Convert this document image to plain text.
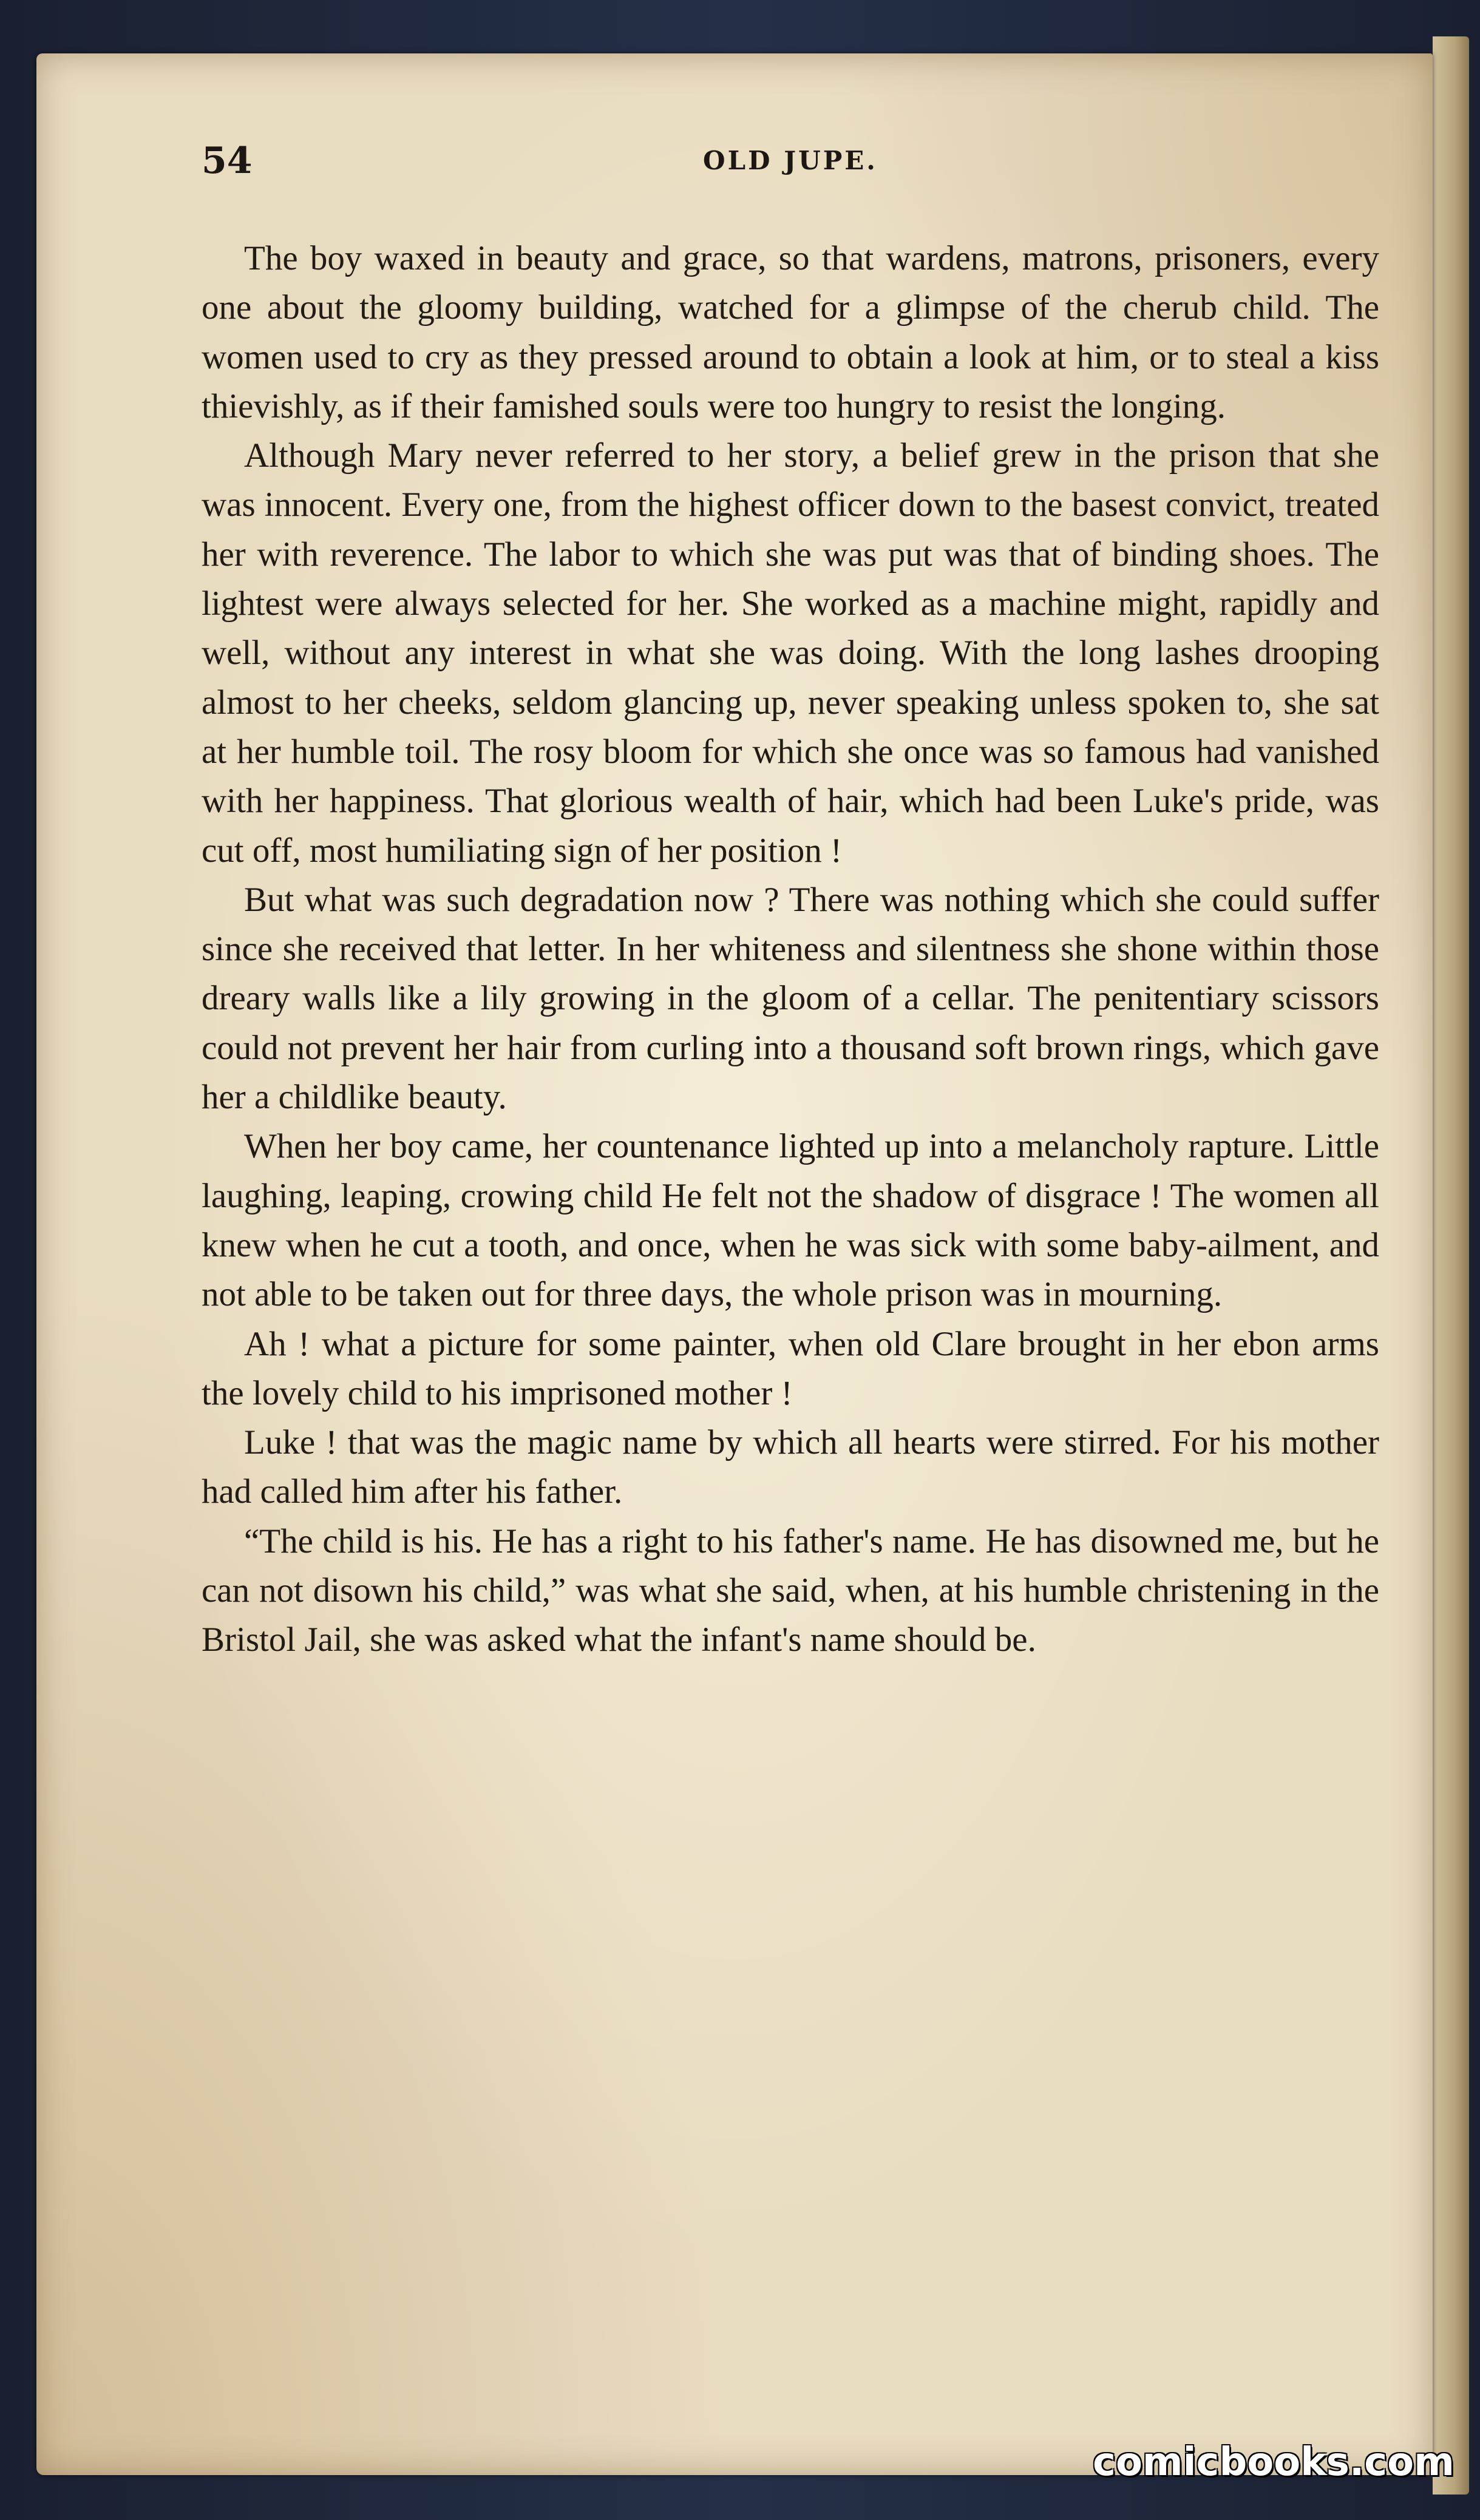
54	OLD JUPE.

The boy waxed in beauty and grace, so that wardens, matrons, prisoners, every one about the gloomy building, watched for a glimpse of the cherub child. The women used to cry as they pressed around to obtain a look at him, or to steal a kiss thievishly, as if their famished souls were too hungry to resist the longing.

Although Mary never referred to her story, a belief grew in the prison that she was innocent. Every one, from the highest officer down to the basest convict, treated her with reverence. The labor to which she was put was that of binding shoes. The lightest were always selected for her. She worked as a machine might, rapidly and well, without any interest in what she was doing. With the long lashes drooping almost to her cheeks, seldom glancing up, never speaking unless spoken to, she sat at her humble toil. The rosy bloom for which she once was so famous had vanished with her happiness. That glorious wealth of hair, which had been Luke's pride, was cut off, most humiliating sign of her position !

But what was such degradation now ? There was nothing which she could suffer since she received that letter. In her whiteness and silentness she shone within those dreary walls like a lily growing in the gloom of a cellar. The penitentiary scissors could not prevent her hair from curling into a thousand soft brown rings, which gave her a childlike beauty.

When her boy came, her countenance lighted up into a melancholy rapture. Little laughing, leaping, crowing child He felt not the shadow of disgrace ! The women all knew when he cut a tooth, and once, when he was sick with some baby-ailment, and not able to be taken out for three days, the whole prison was in mourning.

Ah ! what a picture for some painter, when old Clare brought in her ebon arms the lovely child to his imprisoned mother !

Luke ! that was the magic name by which all hearts were stirred. For his mother had called him after his father.

“The child is his. He has a right to his father's name. He has disowned me, but he can not disown his child,” was what she said, when, at his humble christening in the Bristol Jail, she was asked what the infant's name should be.

comicbooks.com
